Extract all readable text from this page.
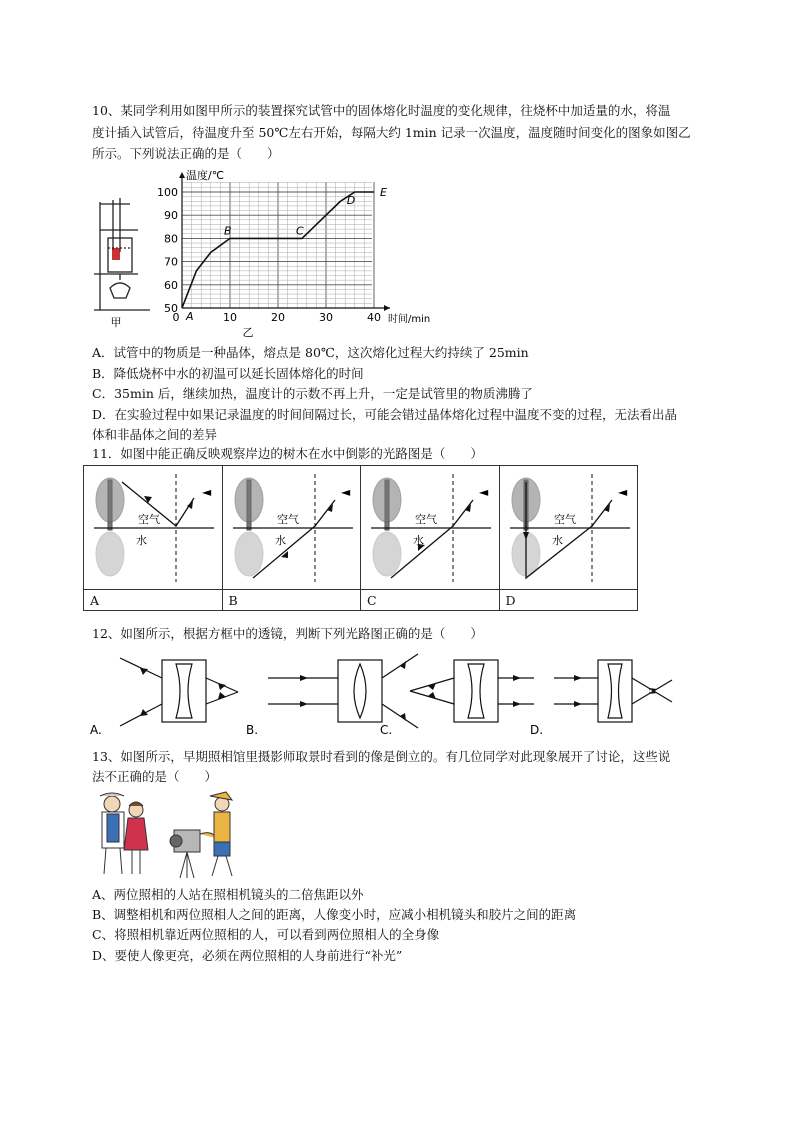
10、某同学利用如图甲所示的装置探究试管中的固体熔化时温度的变化规律，往烧杯中加适量的水，将温
度计插入试管后，待温度升至 50℃左右开始，每隔大约 1min 记录一次温度，温度随时间变化的图象如图乙
所示。下列说法正确的是（　　）
甲	0	10	20	30	40
50
60
70
80
90
100
A
B	C
D
E
温度/℃
时间/min
乙
A．试管中的物质是一种晶体，熔点是 80℃，这次熔化过程大约持续了 25min
B．降低烧杯中水的初温可以延长固体熔化的时间
C．35min 后，继续加热，温度计的示数不再上升，一定是试管里的物质沸腾了
D．在实验过程中如果记录温度的时间间隔过长，可能会错过晶体熔化过程中温度不变的过程，无法看出晶
体和非晶体之间的差异
11．如图中能正确反映观察岸边的树木在水中倒影的光路图是（　　）
◄
空气
水	◄
空气
水	◄
空气
水	◄
空气
水

A	B	C	D
12、如图所示，根据方框中的透镜，判断下列光路图正确的是（　　）
A.	B.	C.	D.
13、如图所示，早期照相馆里摄影师取景时看到的像是倒立的。有几位同学对此现象展开了讨论，这些说
法不正确的是（　　）
A、两位照相的人站在照相机镜头的二倍焦距以外
B、调整相机和两位照相人之间的距离，人像变小时，应减小相机镜头和胶片之间的距离
C、将照相机靠近两位照相的人，可以看到两位照相人的全身像
D、要使人像更亮，必须在两位照相的人身前进行“补光”
